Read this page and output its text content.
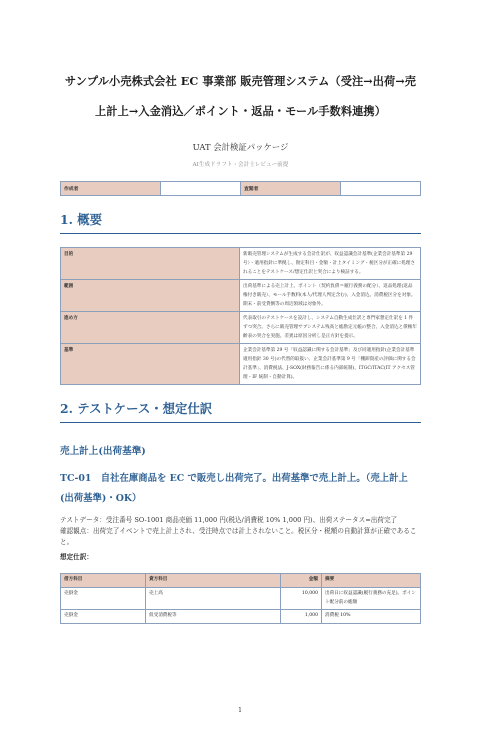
サンプル小売株式会社 EC 事業部 販売管理システム（受注→出荷→売上計上→入金消込／ポイント・返品・モール手数料連携）
UAT 会計検証パッケージ
AI生成ドラフト・会計士レビュー前提
作成者		査閲者	
1. 概要
目的	新販売管理システムが生成する会計仕訳が、収益認識会計基準(企業会計基準第 29 号）・適用指針に準拠し、勘定科目・金額・計上タイミング・税区分が正確に処理されることをテストケース/想定仕訳と突合により検証する。
範囲	出荷基準による売上計上、ポイント（契約負債＝履行義務の配分）、返品処理(返品権付き販売）、モール手数料(本人/代理人判定含む)、入金消込、消費税区分を対象。期末・前受貸倒等の周辺領域は対象外。
進め方	代表取引のテストケースを設計し、システム自動生成仕訳と専門家想定仕訳を 1 件ずつ突合。さらに販売管理サブシステム残高と総勘定元帳の整合、入金消込と債権年齢表の突合を実施。差異は原因分析し是正方針を提示。
基準	企業会計基準第 29 号「収益認識に関する会計基準」及び同適用指針(企業会計基準適用指針 30 号)の代替的取扱い、企業会計基準第 9 号「棚卸資産の評価に関する会計基準」、消費税法、J-SOX(財務報告に係る内部統制)、ITGC/ITAC(IT アクセス管理・IF 統制・自動計算)。
2. テストケース・想定仕訳
売上計上(出荷基準)
TC-01　自社在庫商品を EC で販売し出荷完了。出荷基準で売上計上。（売上計上(出荷基準)・OK）

テストデータ：受注番号 SO-1001 商品売価 11,000 円(税込/消費税 10% 1,000 円)、出荷ステータス=出荷完了

確認観点：出荷完了イベントで売上計上され、受注時点では計上されないこと。税区分・税額の自動計算が正確であること。

想定仕訳：
借方科目	貸方科目	金額	摘要
売掛金	売上高	10,000	出荷日に収益認識(履行義務の充足)。ポイント配分前の総額
売掛金	仮受消費税等	1,000	消費税 10%
1
